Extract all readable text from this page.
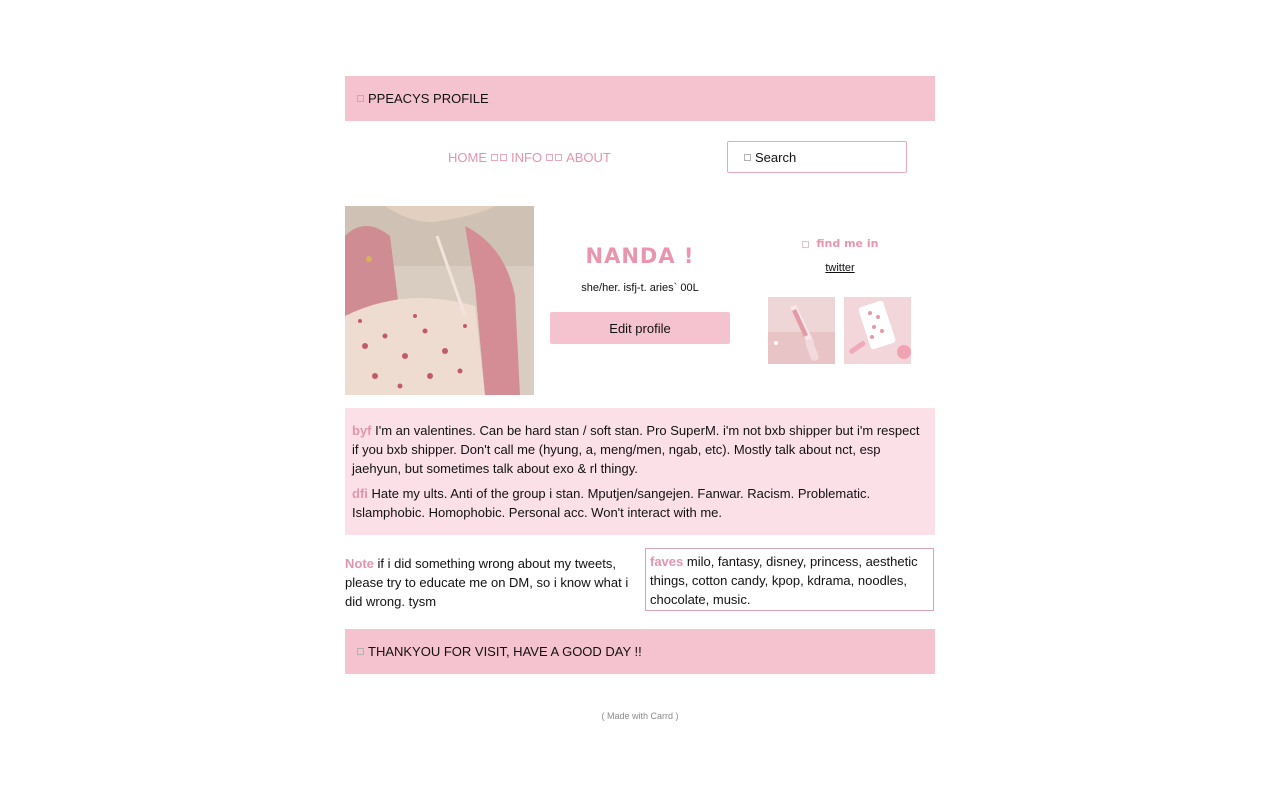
PPEACYS PROFILE
HOME INFO ABOUT
Search
NANDA !
she/her. isfj-t. aries` 00L
Edit profile
find me in
twitter

byf I'm an valentines. Can be hard stan / soft stan. Pro SuperM. i'm not bxb shipper but i'm respect if you bxb shipper. Don't call me (hyung, a, meng/men, ngab, etc). Mostly talk about nct, esp jaehyun, but sometimes talk about exo & rl thingy.

dfi Hate my ults. Anti of the group i stan. Mputjen/sangejen. Fanwar. Racism. Problematic. Islamphobic. Homophobic. Personal acc. Won't interact with me.

Note if i did something wrong about my tweets, please try to educate me on DM, so i know what i did wrong. tysm
faves milo, fantasy, disney, princess, aesthetic things, cotton candy, kpop, kdrama, noodles, chocolate, music.
THANKYOU FOR VISIT, HAVE A GOOD DAY !!
( Made with Carrd )
